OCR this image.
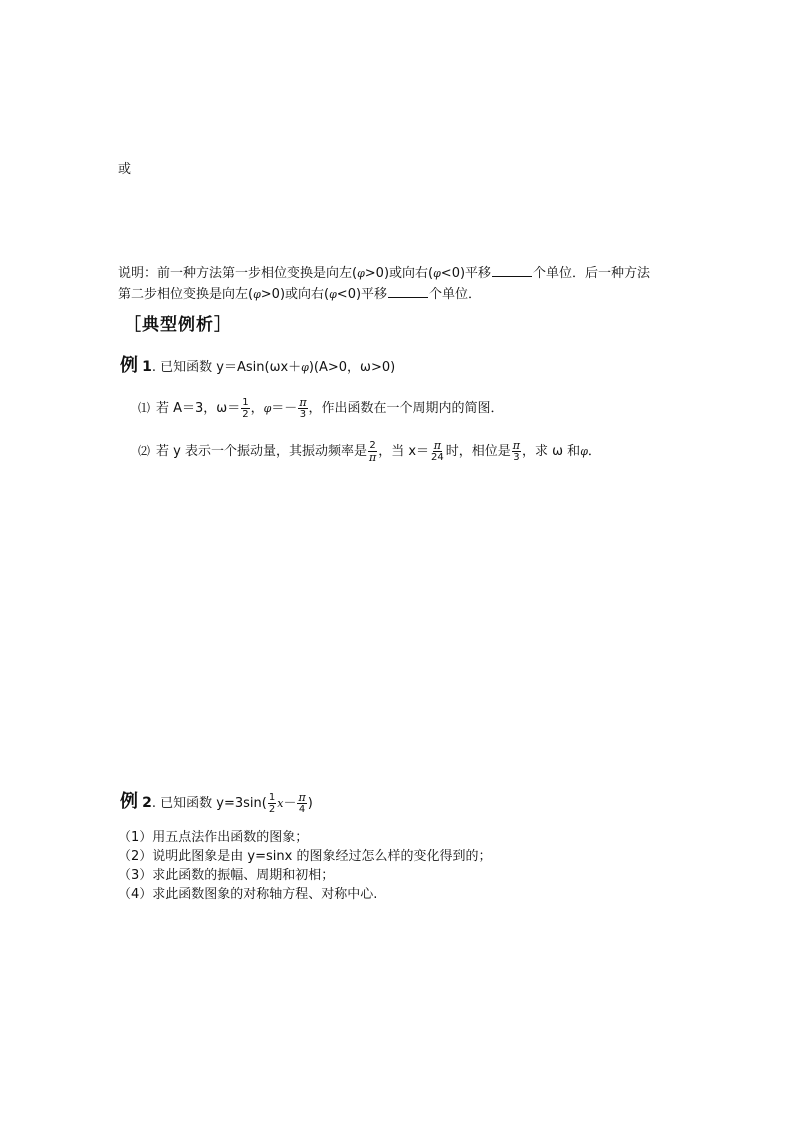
或
说明：前一种方法第一步相位变换是向左(φ>0)或向右(φ<0)平移	个单位．后一种方法
第二步相位变换是向左(φ>0)或向右(φ<0)平移	个单位．
［典型例析］
例 1. 已知函数 y＝Asin(ωx＋φ)(A>0，ω>0)
⑴ 若 A＝3，$\omega= \frac{1}{2}$ ，$\varphi=- \frac{\pi}{3}$ ，作出函数在一个周期内的简图．
⑵ 若 y 表示一个振动量，其振动频率是 $\frac{2}{\pi}$ ，当 $x= \frac{\pi}{24}$ 时，相位是 $\frac{\pi}{3}$ ，求 ω 和φ．
例 2. 已知函数 $y=3\sin( \frac{1}{2} x- \frac{\pi}{4}$ )
（1）用五点法作出函数的图象；
（2）说明此图象是由 y=sinx 的图象经过怎么样的变化得到的；
（3）求此函数的振幅、周期和初相；
（4）求此函数图象的对称轴方程、对称中心.
